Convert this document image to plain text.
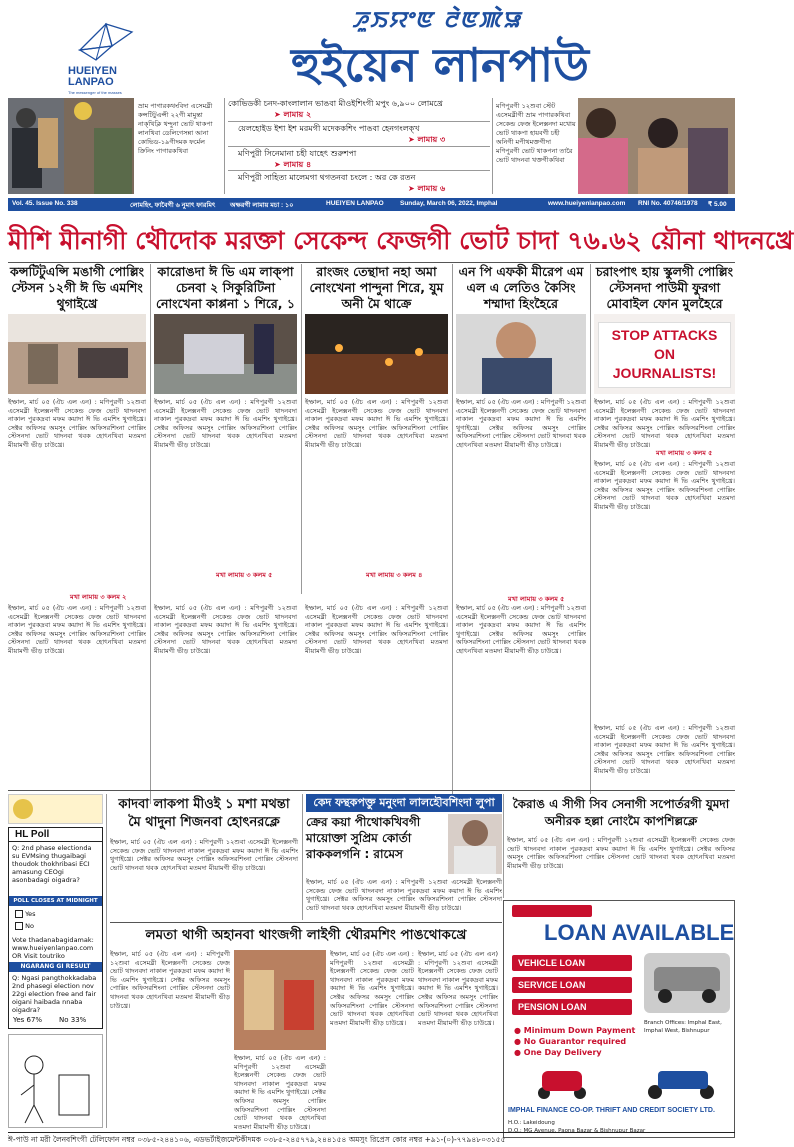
HUEIYEN
LANPAO
The messenger of the masses
ꯍꯨꯏꯌꯦꯟ ꯂꯥꯟꯄꯥꯎ
হুইয়েন লানপাউ
ভ্রাম পাগারকথংবিদা এসেমব্লী কন্সটিটুএন্সী ২২গী মামুন্তা নাক্‌খিক্লি থন্দুনা ভোট থাকপা লানথিবা ডেলিগেসন্না আনা কোভিড-১৯গীদমক ফর্মেল ক্রিনিং পাগারকথিবা
কোভিডকী চনদ-কাংলালান ভাঙবা মীওইশিংগী মপুং ৬,৯০০ লোমখ্রে
➤ লামায় ২
য়েলহোইড ইশা ইশ মরমগী মদেককশিং পাঙবা হেনগংলক্‌খ
➤ লামায় ৩
মণিপুরী সিনেমানা চহী যাহেৎ শুরুশপা
➤ লামায় ৪
মণিপুরী সাহিত্য মালেমগা থগতনবা চংলে : অর কে রতন
➤ লামায় ৬
মণিপুরগী ১২শুবা স্টেট এসেমব্লীগী ভ্রাম পাগারকথিবা সেকেন্ড ফেজ ইলেক্সনদা মখোয় ভোট থাকপা হায়বগী চহী অনিগী মপীথমক্তগীদা মণিপুরগী ভোট থাকপনা তারৈ ভোট থাদনবা খক্তগীকথিবা
Vol. 45. Issue No. 338	লোমহিং, ফাবৈগী ৬ নুমাৎ ফারমিৎ অক্ষরগী লামায় মচা : ১০	HUEIYEN LANPAO	Sunday, March 06, 2022, Imphal	www.hueiyenlanpao.com RNI No. 40746/1978 ₹ 5.00
মীশি মীনাগী থৌদোক মরক্তা সেকেন্দ ফেজগী ভোট চাদা ৭৬.৬২ য়ৌনা থাদনখ্রে
কন্সটিটুএন্সি মঙাগী পোল্লিং স্টেসন ১২গী ঈ ভি এমশিং থুগাইখ্রে
ইম্ফাল, মার্চ ০৫ (ঐচ এল এন) : মণিপুরগী ১২শুবা এসেমব্লী ইলেক্সনগী সেকেন্ড ফেজ ভোট থাদনবদা নাকাল পুরকদ্রবা মফম কয়াদা ঈ ভি এমশিং থুগাইখ্রে। সেক্টর অফিসর অমসুং পোল্লিং অফিসরশিংনা পোল্লিং স্টেসনদা ভোট থাদনবা থবক হোৎনখিবা মতমদা মীয়ামগী ভীড় চাউখ্রে।
মখা লামায় ৩ কলম ২
ইম্ফাল, মার্চ ০৫ (ঐচ এল এন) : মণিপুরগী ১২শুবা এসেমব্লী ইলেক্সনগী সেকেন্ড ফেজ ভোট থাদনবদা নাকাল পুরকদ্রবা মফম কয়াদা ঈ ভি এমশিং থুগাইখ্রে। সেক্টর অফিসর অমসুং পোল্লিং অফিসরশিংনা পোল্লিং স্টেসনদা ভোট থাদনবা থবক হোৎনখিবা মতমদা মীয়ামগী ভীড় চাউখ্রে।
কারোঙদা ঈ ভি এম লাক্পা চেনবা ২ সিকুরিটিনা নোংখেনা কাপ্পনা ১ শিরে, ১
ইম্ফাল, মার্চ ০৫ (ঐচ এল এন) : মণিপুরগী ১২শুবা এসেমব্লী ইলেক্সনগী সেকেন্ড ফেজ ভোট থাদনবদা নাকাল পুরকদ্রবা মফম কয়াদা ঈ ভি এমশিং থুগাইখ্রে। সেক্টর অফিসর অমসুং পোল্লিং অফিসরশিংনা পোল্লিং স্টেসনদা ভোট থাদনবা থবক হোৎনখিবা মতমদা মীয়ামগী ভীড় চাউখ্রে।
মখা লামায় ৩ কলম ৫
রাংজং তেন্থাদা নহা অমা নোংখেনা পান্দুনা শিরে, যুম অনী মৈ থাক্রে
ইম্ফাল, মার্চ ০৫ (ঐচ এল এন) : মণিপুরগী ১২শুবা এসেমব্লী ইলেক্সনগী সেকেন্ড ফেজ ভোট থাদনবদা নাকাল পুরকদ্রবা মফম কয়াদা ঈ ভি এমশিং থুগাইখ্রে। সেক্টর অফিসর অমসুং পোল্লিং অফিসরশিংনা পোল্লিং স্টেসনদা ভোট থাদনবা থবক হোৎনখিবা মতমদা মীয়ামগী ভীড় চাউখ্রে।
মখা লামায় ৩ কলম ৪
এন পি এফকী মীরেপ এম এল এ লেতিও কৈসিং শম্মাদা হিংহৈরে
ইম্ফাল, মার্চ ০৫ (ঐচ এল এন) : মণিপুরগী ১২শুবা এসেমব্লী ইলেক্সনগী সেকেন্ড ফেজ ভোট থাদনবদা নাকাল পুরকদ্রবা মফম কয়াদা ঈ ভি এমশিং থুগাইখ্রে। সেক্টর অফিসর অমসুং পোল্লিং অফিসরশিংনা পোল্লিং স্টেসনদা ভোট থাদনবা থবক হোৎনখিবা মতমদা মীয়ামগী ভীড় চাউখ্রে।
মখা লামায় ৩ কলম ৫
চরাংপাৎ হায় স্কুলগী পোল্লিং স্টেসনদা পাউমী ফুরগা মোবাইল ফোন মুলহৈরে
STOP ATTACKS ON JOURNALISTS!
ইম্ফাল, মার্চ ০৫ (ঐচ এল এন) : মণিপুরগী ১২শুবা এসেমব্লী ইলেক্সনগী সেকেন্ড ফেজ ভোট থাদনবদা নাকাল পুরকদ্রবা মফম কয়াদা ঈ ভি এমশিং থুগাইখ্রে। সেক্টর অফিসর অমসুং পোল্লিং অফিসরশিংনা পোল্লিং স্টেসনদা ভোট থাদনবা থবক হোৎনখিবা মতমদা মীয়ামগী ভীড় চাউখ্রে।
মখা লামায় ৩ কলম ৫
ইম্ফাল, মার্চ ০৫ (ঐচ এল এন) : মণিপুরগী ১২শুবা এসেমব্লী ইলেক্সনগী সেকেন্ড ফেজ ভোট থাদনবদা নাকাল পুরকদ্রবা মফম কয়াদা ঈ ভি এমশিং থুগাইখ্রে। সেক্টর অফিসর অমসুং পোল্লিং অফিসরশিংনা পোল্লিং স্টেসনদা ভোট থাদনবা থবক হোৎনখিবা মতমদা মীয়ামগী ভীড় চাউখ্রে।
ইম্ফাল, মার্চ ০৫ (ঐচ এল এন) : মণিপুরগী ১২শুবা এসেমব্লী ইলেক্সনগী সেকেন্ড ফেজ ভোট থাদনবদা নাকাল পুরকদ্রবা মফম কয়াদা ঈ ভি এমশিং থুগাইখ্রে। সেক্টর অফিসর অমসুং পোল্লিং অফিসরশিংনা পোল্লিং স্টেসনদা ভোট থাদনবা থবক হোৎনখিবা মতমদা মীয়ামগী ভীড় চাউখ্রে।
ইম্ফাল, মার্চ ০৫ (ঐচ এল এন) : মণিপুরগী ১২শুবা এসেমব্লী ইলেক্সনগী সেকেন্ড ফেজ ভোট থাদনবদা নাকাল পুরকদ্রবা মফম কয়াদা ঈ ভি এমশিং থুগাইখ্রে। সেক্টর অফিসর অমসুং পোল্লিং অফিসরশিংনা পোল্লিং স্টেসনদা ভোট থাদনবা থবক হোৎনখিবা মতমদা মীয়ামগী ভীড় চাউখ্রে।
ইম্ফাল, মার্চ ০৫ (ঐচ এল এন) : মণিপুরগী ১২শুবা এসেমব্লী ইলেক্সনগী সেকেন্ড ফেজ ভোট থাদনবদা নাকাল পুরকদ্রবা মফম কয়াদা ঈ ভি এমশিং থুগাইখ্রে। সেক্টর অফিসর অমসুং পোল্লিং অফিসরশিংনা পোল্লিং স্টেসনদা ভোট থাদনবা থবক হোৎনখিবা মতমদা মীয়ামগী ভীড় চাউখ্রে।
ইম্ফাল, মার্চ ০৫ (ঐচ এল এন) : মণিপুরগী ১২শুবা এসেমব্লী ইলেক্সনগী সেকেন্ড ফেজ ভোট থাদনবদা নাকাল পুরকদ্রবা মফম কয়াদা ঈ ভি এমশিং থুগাইখ্রে। সেক্টর অফিসর অমসুং পোল্লিং অফিসরশিংনা পোল্লিং স্টেসনদা ভোট থাদনবা থবক হোৎনখিবা মতমদা মীয়ামগী ভীড় চাউখ্রে।
HL Poll
Q: 2nd phase electionda su EVMsing thugaibagi thoudok thokhribasi ECI amasung CEOgi asonbadagi oigadra?
POLL CLOSES AT MIDNIGHT
Yes
No
Vote thadanabagidamak: www.hueiyenlanpao.com OR Visit toutriko
NGARANG GI RESULT
Q: Ngasi pangthokkadaba 2nd phasegi election nov 22gi election free and fair oigani haibada nnaba oigadra?
Yes 67% No 33%
কাদবা লাকপা মীওই ১ মশা মথন্তা মৈ থাদুনা শিজনবা হোৎনরক্লে
ইম্ফাল, মার্চ ০৫ (ঐচ এল এন) : মণিপুরগী ১২শুবা এসেমব্লী ইলেক্সনগী সেকেন্ড ফেজ ভোট থাদনবদা নাকাল পুরকদ্রবা মফম কয়াদা ঈ ভি এমশিং থুগাইখ্রে। সেক্টর অফিসর অমসুং পোল্লিং অফিসরশিংনা পোল্লিং স্টেসনদা ভোট থাদনবা থবক হোৎনখিবা মতমদা মীয়ামগী ভীড় চাউখ্রে।
কেদ ফন্থকপক্তু মনুংদা লালহৌবশিংদা লুপা
ক্রের কয়া পীথোকখিবগী মায়োক্তা সুপ্রিম কোর্তা রাককলগনি : রামেস
ইম্ফাল, মার্চ ০৫ (ঐচ এল এন) : মণিপুরগী ১২শুবা এসেমব্লী ইলেক্সনগী সেকেন্ড ফেজ ভোট থাদনবদা নাকাল পুরকদ্রবা মফম কয়াদা ঈ ভি এমশিং থুগাইখ্রে। সেক্টর অফিসর অমসুং পোল্লিং অফিসরশিংনা পোল্লিং স্টেসনদা ভোট থাদনবা থবক হোৎনখিবা মতমদা মীয়ামগী ভীড় চাউখ্রে।
কৈরাঙ এ সীগী সিব সেনাগী সপোর্তরগী যুমদা অনীরক হল্লা নোংমৈ কাপশিল্লক্লে
ইম্ফাল, মার্চ ০৫ (ঐচ এল এন) : মণিপুরগী ১২শুবা এসেমব্লী ইলেক্সনগী সেকেন্ড ফেজ ভোট থাদনবদা নাকাল পুরকদ্রবা মফম কয়াদা ঈ ভি এমশিং থুগাইখ্রে। সেক্টর অফিসর অমসুং পোল্লিং অফিসরশিংনা পোল্লিং স্টেসনদা ভোট থাদনবা থবক হোৎনখিবা মতমদা মীয়ামগী ভীড় চাউখ্রে।
লমতা থাগী অহানবা থাংজগী লাইগী থৌরমশিং পাঙথোকখ্রে
ইম্ফাল, মার্চ ০৫ (ঐচ এল এন) : মণিপুরগী ১২শুবা এসেমব্লী ইলেক্সনগী সেকেন্ড ফেজ ভোট থাদনবদা নাকাল পুরকদ্রবা মফম কয়াদা ঈ ভি এমশিং থুগাইখ্রে। সেক্টর অফিসর অমসুং পোল্লিং অফিসরশিংনা পোল্লিং স্টেসনদা ভোট থাদনবা থবক হোৎনখিবা মতমদা মীয়ামগী ভীড় চাউখ্রে।
ইম্ফাল, মার্চ ০৫ (ঐচ এল এন) : মণিপুরগী ১২শুবা এসেমব্লী ইলেক্সনগী সেকেন্ড ফেজ ভোট থাদনবদা নাকাল পুরকদ্রবা মফম কয়াদা ঈ ভি এমশিং থুগাইখ্রে। সেক্টর অফিসর অমসুং পোল্লিং অফিসরশিংনা পোল্লিং স্টেসনদা ভোট থাদনবা থবক হোৎনখিবা মতমদা মীয়ামগী ভীড় চাউখ্রে।
ইম্ফাল, মার্চ ০৫ (ঐচ এল এন) : মণিপুরগী ১২শুবা এসেমব্লী ইলেক্সনগী সেকেন্ড ফেজ ভোট থাদনবদা নাকাল পুরকদ্রবা মফম কয়াদা ঈ ভি এমশিং থুগাইখ্রে। সেক্টর অফিসর অমসুং পোল্লিং অফিসরশিংনা পোল্লিং স্টেসনদা ভোট থাদনবা থবক হোৎনখিবা মতমদা মীয়ামগী ভীড় চাউখ্রে।
ইম্ফাল, মার্চ ০৫ (ঐচ এল এন) : মণিপুরগী ১২শুবা এসেমব্লী ইলেক্সনগী সেকেন্ড ফেজ ভোট থাদনবদা নাকাল পুরকদ্রবা মফম কয়াদা ঈ ভি এমশিং থুগাইখ্রে। সেক্টর অফিসর অমসুং পোল্লিং অফিসরশিংনা পোল্লিং স্টেসনদা ভোট থাদনবা থবক হোৎনখিবা মতমদা মীয়ামগী ভীড় চাউখ্রে।
LOAN AVAILABLE
VEHICLE LOAN
SERVICE LOAN
PENSION LOAN
● Minimum Down Payment
● No Guarantor required
● One Day Delivery
Branch Offices: Imphal East, Imphal West, Bishnupur
IMPHAL FINANCE CO-OP. THRIFT AND CREDIT SOCIETY LTD.
H.O.: Lakeidoung
D.O.: MG Avenue, Paona Bazar & Bishnupur Bazar
ঈ-পাউ না মরী লৈনবশিংগী টেলিফোন নম্বর ০৩৮৫-২৪৪১০৬, এডভর্টাইজমেন্টকীদমক ০৩৮৫-২৪৫৭৭৯,২৪৪১৫৪ অমসুং রিপ্রেস কোর নম্বর +৯১-(০)-৭৭৯৪৮০৩১৫৫
